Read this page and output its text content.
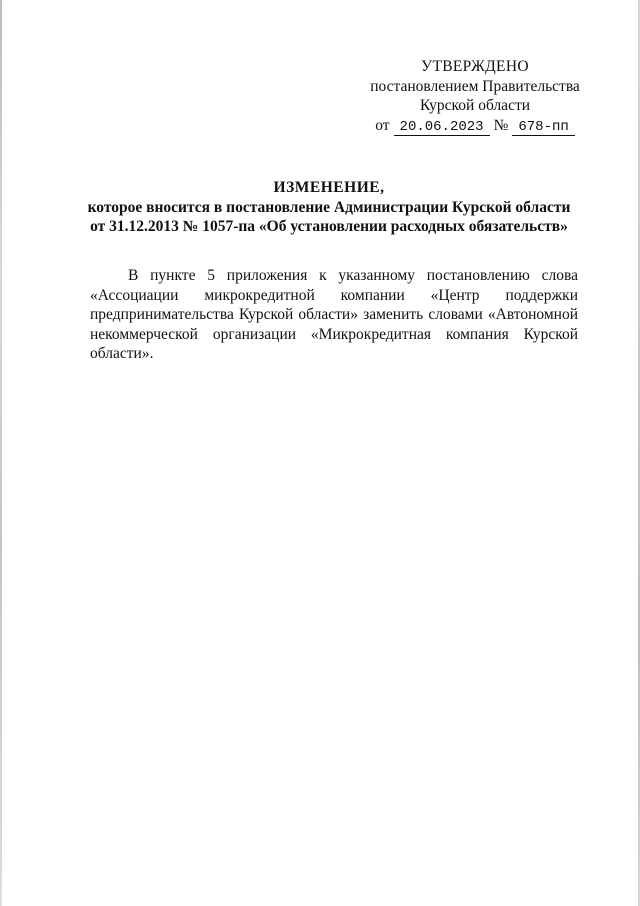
УТВЕРЖДЕНО
постановлением Правительства
Курской области
от 20.06.2023 № 678-пп
ИЗМЕНЕНИЕ,
которое вносится в постановление Администрации Курской области
от 31.12.2013 № 1057-па «Об установлении расходных обязательств»

В пункте 5 приложения к указанному постановлению слова «Ассоциации микрокредитной компании «Центр поддержки предпринимательства Курской области» заменить словами «Автономной некоммерческой организации «Микрокредитная компания Курской области».
